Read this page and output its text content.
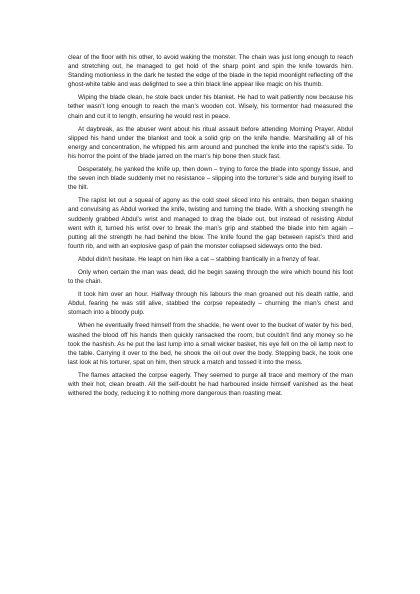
clear of the floor with his other, to avoid waking the monster. The chain was just long enough to reach and stretching out, he managed to get hold of the sharp point and spin the knife towards him. Standing motionless in the dark he tested the edge of the blade in the tepid moonlight reflecting off the ghost-white table and was delighted to see a thin black line appear like magic on his thumb.

Wiping the blade clean, he stole back under his blanket. He had to wait patiently now because his tether wasn’t long enough to reach the man’s wooden cot. Wisely, his tormentor had measured the chain and cut it to length, ensuring he would rest in peace.

At daybreak, as the abuser went about his ritual assault before attending Morning Prayer, Abdul slipped his hand under the blanket and took a solid grip on the knife handle. Marshalling all of his energy and concentration, he whipped his arm around and punched the knife into the rapist’s side. To his horror the point of the blade jarred on the man’s hip bone then stuck fast.

Desperately, he yanked the knife up, then down – trying to force the blade into spongy tissue, and the seven inch blade suddenly met no resistance – slipping into the torturer’s side and burying itself to the hilt.

The rapist let out a squeal of agony as the cold steel sliced into his entrails, then began shaking and convulsing as Abdul worked the knife, twisting and turning the blade. With a shocking strength he suddenly grabbed Abdul’s wrist and managed to drag the blade out, but instead of resisting Abdul went with it, turned his wrist over to break the man’s grip and stabbed the blade into him again – putting all the strength he had behind the blow. The knife found the gap between rapist’s third and fourth rib, and with an explosive gasp of pain the monster collapsed sideways onto the bed.

Abdul didn’t hesitate. He leapt on him like a cat – stabbing frantically in a frenzy of fear.

Only when certain the man was dead, did he begin sawing through the wire which bound his foot to the chain.

It took him over an hour. Halfway through his labours the man groaned out his death rattle, and Abdul, fearing he was still alive, stabbed the corpse repeatedly – churning the man’s chest and stomach into a bloody pulp.

When he eventually freed himself from the shackle, he went over to the bucket of water by his bed, washed the blood off his hands then quickly ransacked the room, but couldn’t find any money so he took the hashish. As he put the last lump into a small wicker basket, his eye fell on the oil lamp next to the table. Carrying it over to the bed, he shook the oil out over the body. Stepping back, he took one last look at his torturer, spat on him, then struck a match and tossed it into the mess.

The flames attacked the corpse eagerly. They seemed to purge all trace and memory of the man with their hot, clean breath. All the self-doubt he had harboured inside himself vanished as the heat withered the body, reducing it to nothing more dangerous than roasting meat.
